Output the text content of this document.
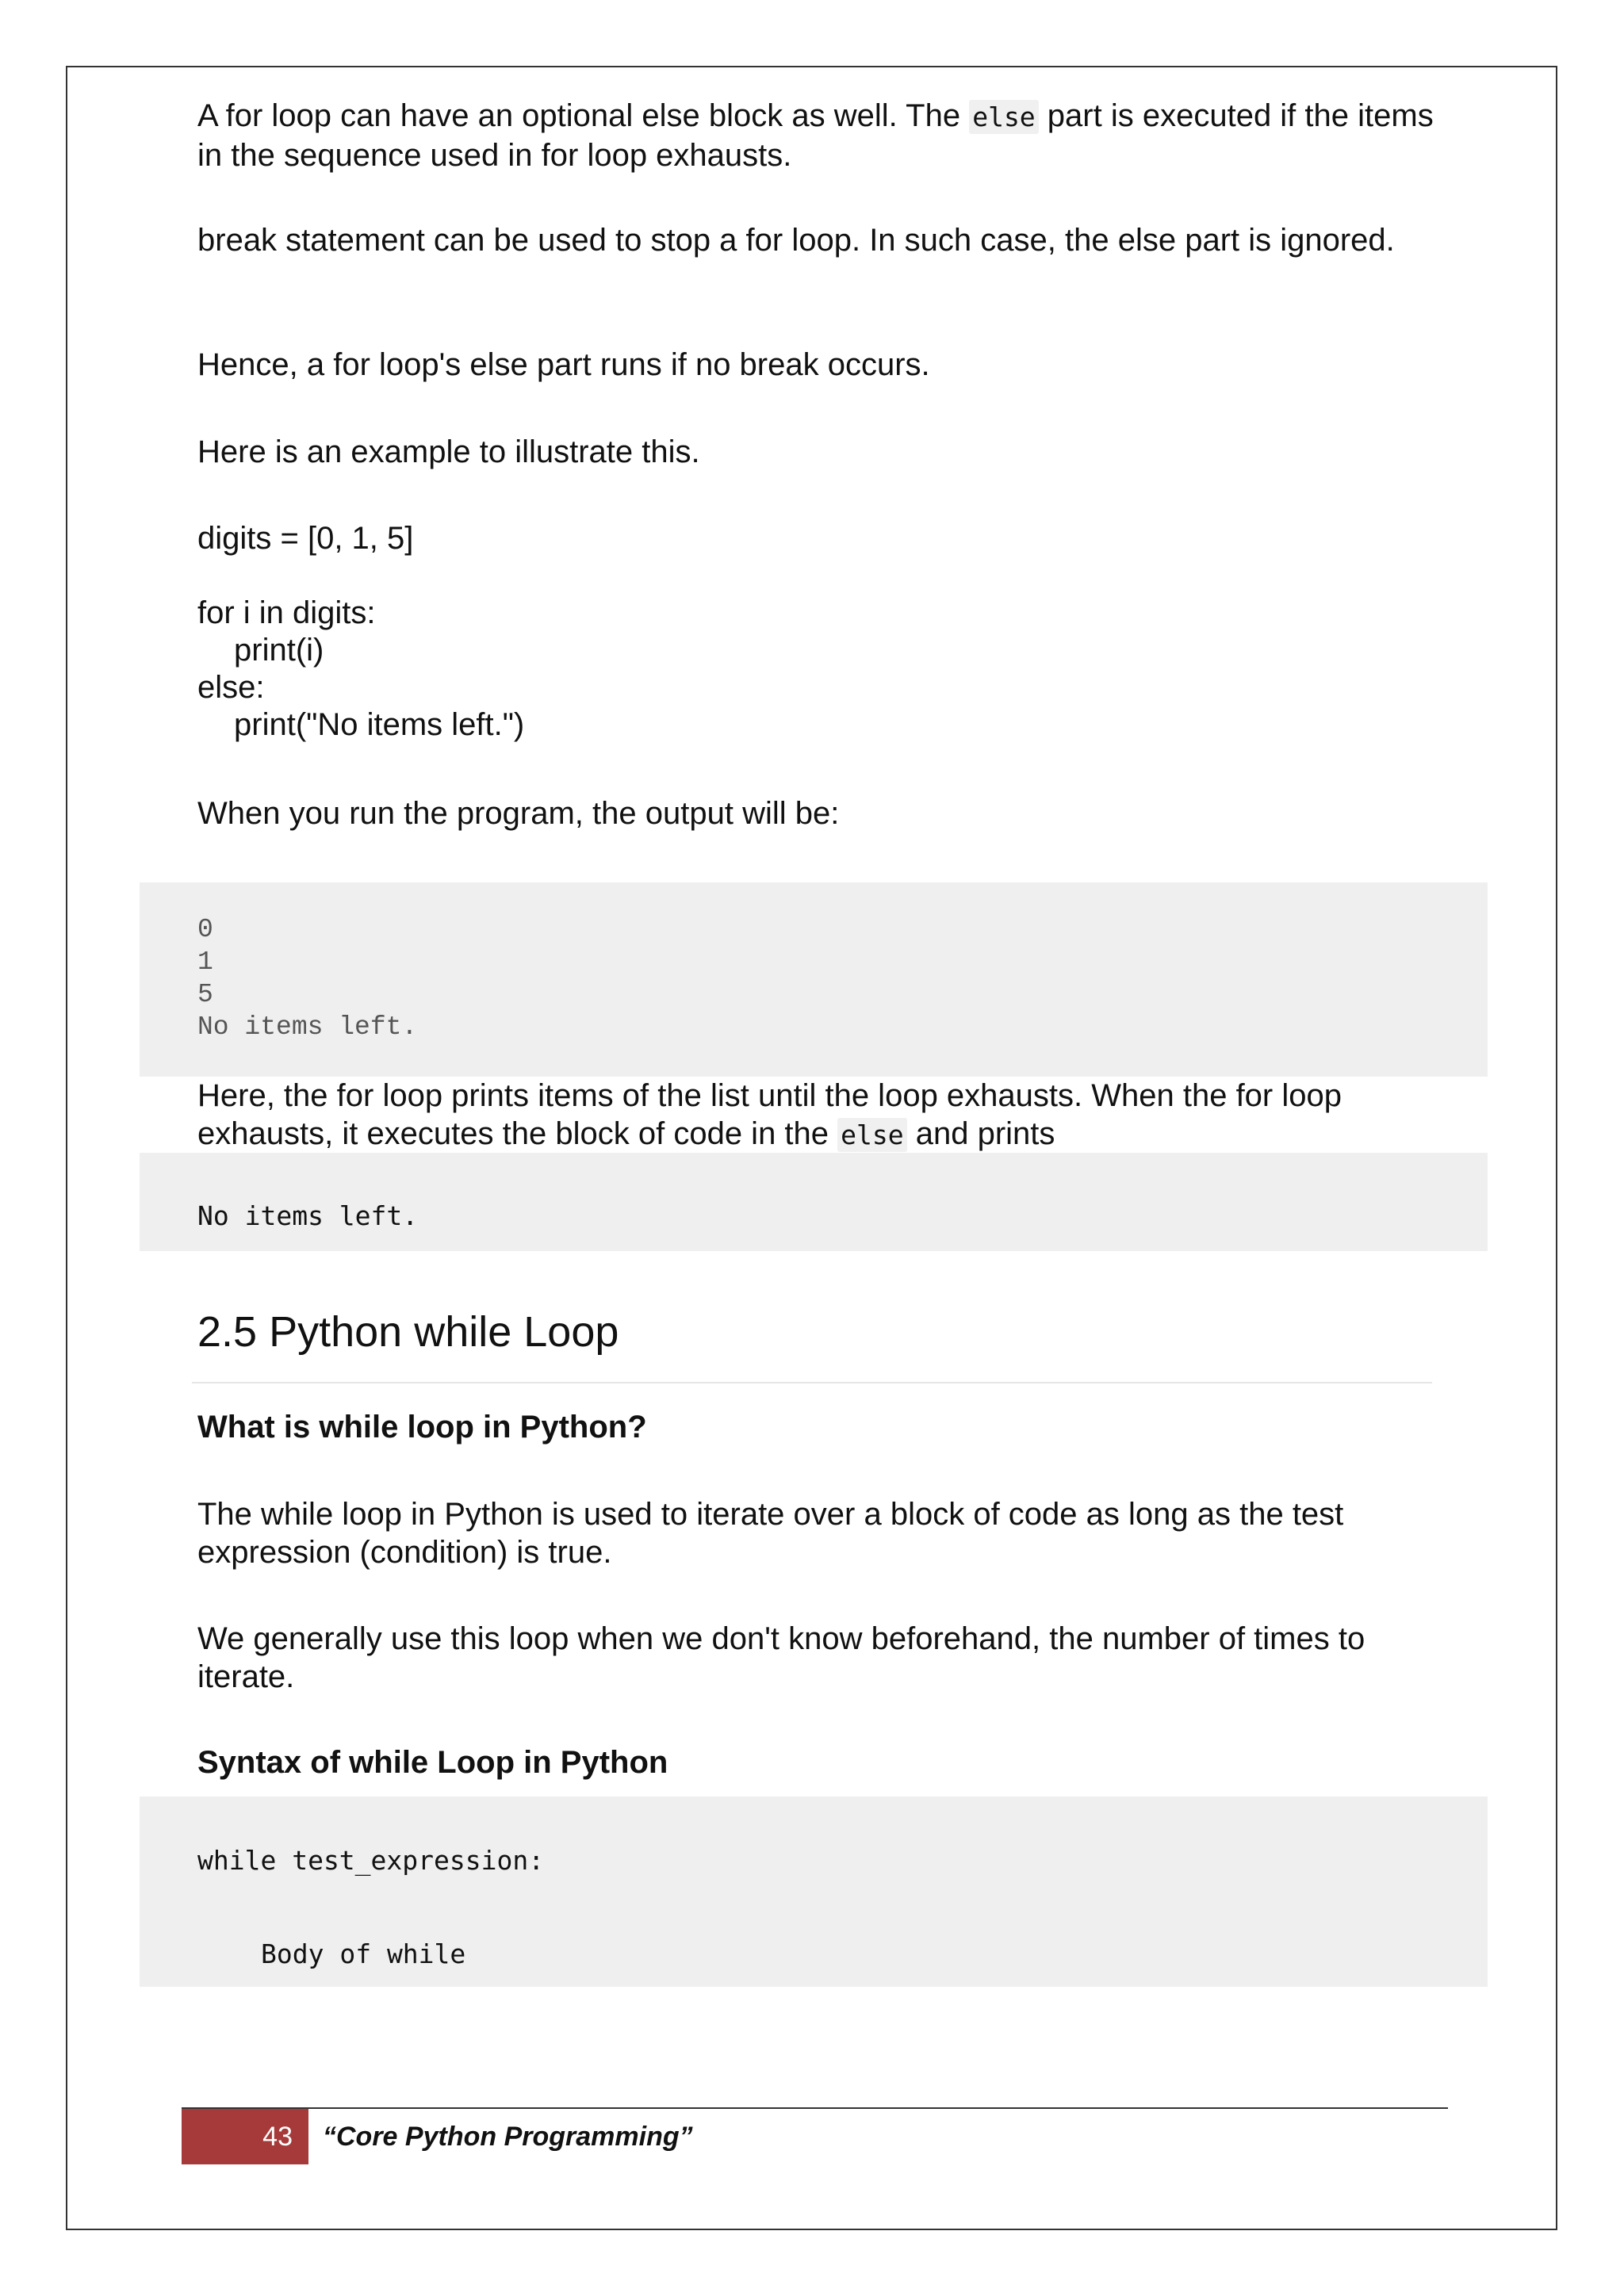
A for loop can have an optional else block as well. The else part is executed if the items in the sequence used in for loop exhausts.

break statement can be used to stop a for loop. In such case, the else part is ignored.

Hence, a for loop's else part runs if no break occurs.

Here is an example to illustrate this.

digits = [0, 1, 5]
for i in digits:
print(i)
else:
print("No items left.")

When you run the program, the output will be:

0
1
5
No items left.

Here, the for loop prints items of the list until the loop exhausts. When the for loop exhausts, it executes the block of code in the else and prints

No items left.
2.5 Python while Loop
What is while loop in Python?

The while loop in Python is used to iterate over a block of code as long as the test expression (condition) is true.

We generally use this loop when we don't know beforehand, the number of times to iterate.

Syntax of while Loop in Python
while test_expression:
Body of while
43	“Core Python Programming”
